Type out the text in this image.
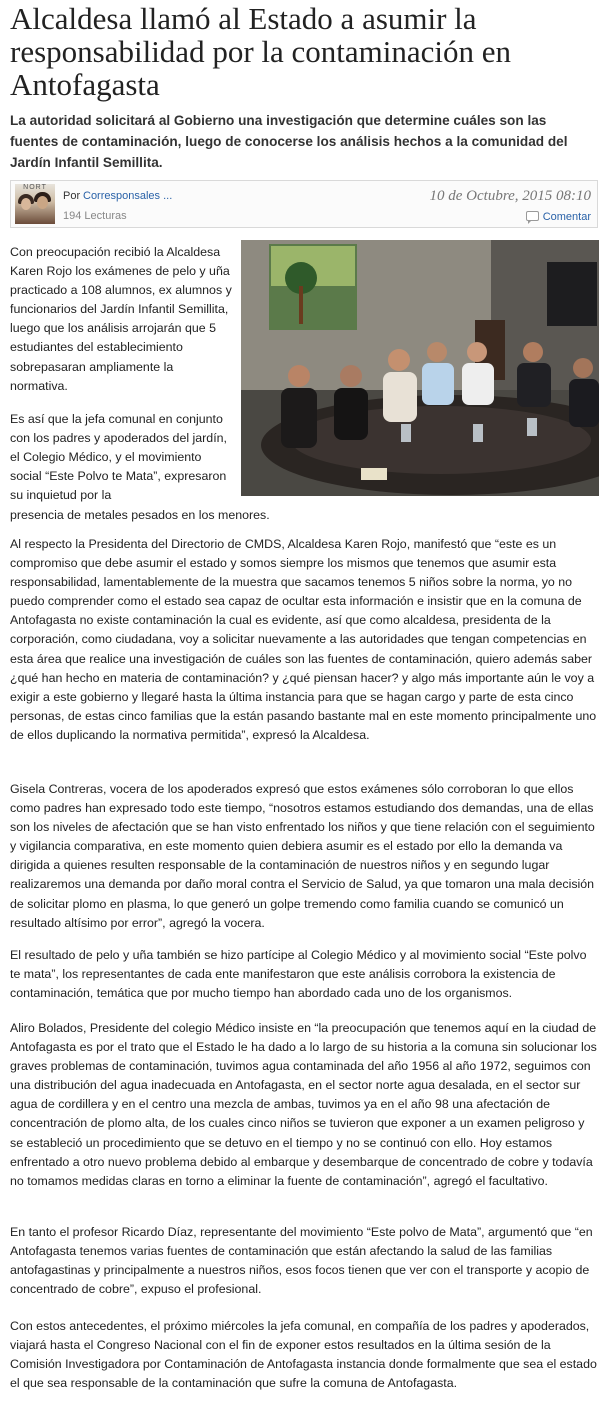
Alcaldesa llamó al Estado a asumir la responsabilidad por la contaminación en Antofagasta

La autoridad solicitará al Gobierno una investigación que determine cuáles son las fuentes de contaminación, luego de conocerse los análisis hechos a la comunidad del Jardín Infantil Semillita.

NORT
Por Corresponsales ...
194 Lecturas
10 de Octubre, 2015 08:10
Comentar

Con preocupación recibió la Alcaldesa Karen Rojo los exámenes de pelo y uña practicado a 108 alumnos, ex alumnos y funcionarios del Jardín Infantil Semillita, luego que los análisis arrojarán que 5 estudiantes del establecimiento sobrepasaran ampliamente la normativa.

Es así que la jefa comunal en conjunto con los padres y apoderados del jardín, el Colegio Médico, y el movimiento social “Este Polvo te Mata”, expresaron su inquietud por la

presencia de metales pesados en los menores.

Al respecto la Presidenta del Directorio de CMDS, Alcaldesa Karen Rojo, manifestó que “este es un compromiso que debe asumir el estado y somos siempre los mismos que tenemos que asumir esta responsabilidad, lamentablemente de la muestra que sacamos tenemos 5 niños sobre la norma, yo no puedo comprender como el estado sea capaz de ocultar esta información e insistir que en la comuna de Antofagasta no existe contaminación la cual es evidente, así que como alcaldesa, presidenta de la corporación, como ciudadana, voy a solicitar nuevamente a las autoridades que tengan competencias en esta área que realice una investigación de cuáles son las fuentes de contaminación, quiero además saber ¿qué han hecho en materia de contaminación? y ¿qué piensan hacer? y algo más importante aún le voy a exigir a este gobierno y llegaré hasta la última instancia para que se hagan cargo y parte de esta cinco personas, de estas cinco familias que la están pasando bastante mal en este momento principalmente uno de ellos duplicando la normativa permitida”, expresó la Alcaldesa.

Gisela Contreras, vocera de los apoderados expresó que estos exámenes sólo corroboran lo que ellos como padres han expresado todo este tiempo, “nosotros estamos estudiando dos demandas, una de ellas son los niveles de afectación que se han visto enfrentado los niños y que tiene relación con el seguimiento y vigilancia comparativa, en este momento quien debiera asumir es el estado por ello la demanda va dirigida a quienes resulten responsable de la contaminación de nuestros niños y en segundo lugar realizaremos una demanda por daño moral contra el Servicio de Salud, ya que tomaron una mala decisión de solicitar plomo en plasma, lo que generó un golpe tremendo como familia cuando se comunicó un resultado altísimo por error”, agregó la vocera.

El resultado de pelo y uña también se hizo partícipe al Colegio Médico y al movimiento social “Este polvo te mata”, los representantes de cada ente manifestaron que este análisis corrobora la existencia de contaminación, temática que por mucho tiempo han abordado cada uno de los organismos.

Aliro Bolados, Presidente del colegio Médico insiste en “la preocupación que tenemos aquí en la ciudad de Antofagasta es por el trato que el Estado le ha dado a lo largo de su historia a la comuna sin solucionar los graves problemas de contaminación, tuvimos agua contaminada del año 1956 al año 1972, seguimos con una distribución del agua inadecuada en Antofagasta, en el sector norte agua desalada, en el sector sur agua de cordillera y en el centro una mezcla de ambas, tuvimos ya en el año 98 una afectación de concentración de plomo alta, de los cuales cinco niños se tuvieron que exponer a un examen peligroso y se estableció un procedimiento que se detuvo en el tiempo y no se continuó con ello. Hoy estamos enfrentado a otro nuevo problema debido al embarque y desembarque de concentrado de cobre y todavía no tomamos medidas claras en torno a eliminar la fuente de contaminación”, agregó el facultativo.

En tanto el profesor Ricardo Díaz, representante del movimiento “Este polvo de Mata”, argumentó que “en Antofagasta tenemos varias fuentes de contaminación que están afectando la salud de las familias antofagastinas y principalmente a nuestros niños, esos focos tienen que ver con el transporte y acopio de concentrado de cobre”, expuso el profesional.

Con estos antecedentes, el próximo miércoles la jefa comunal, en compañía de los padres y apoderados, viajará hasta el Congreso Nacional con el fin de exponer estos resultados en la última sesión de la Comisión Investigadora por Contaminación de Antofagasta instancia donde formalmente que sea el estado el que sea responsable de la contaminación que sufre la comuna de Antofagasta.
